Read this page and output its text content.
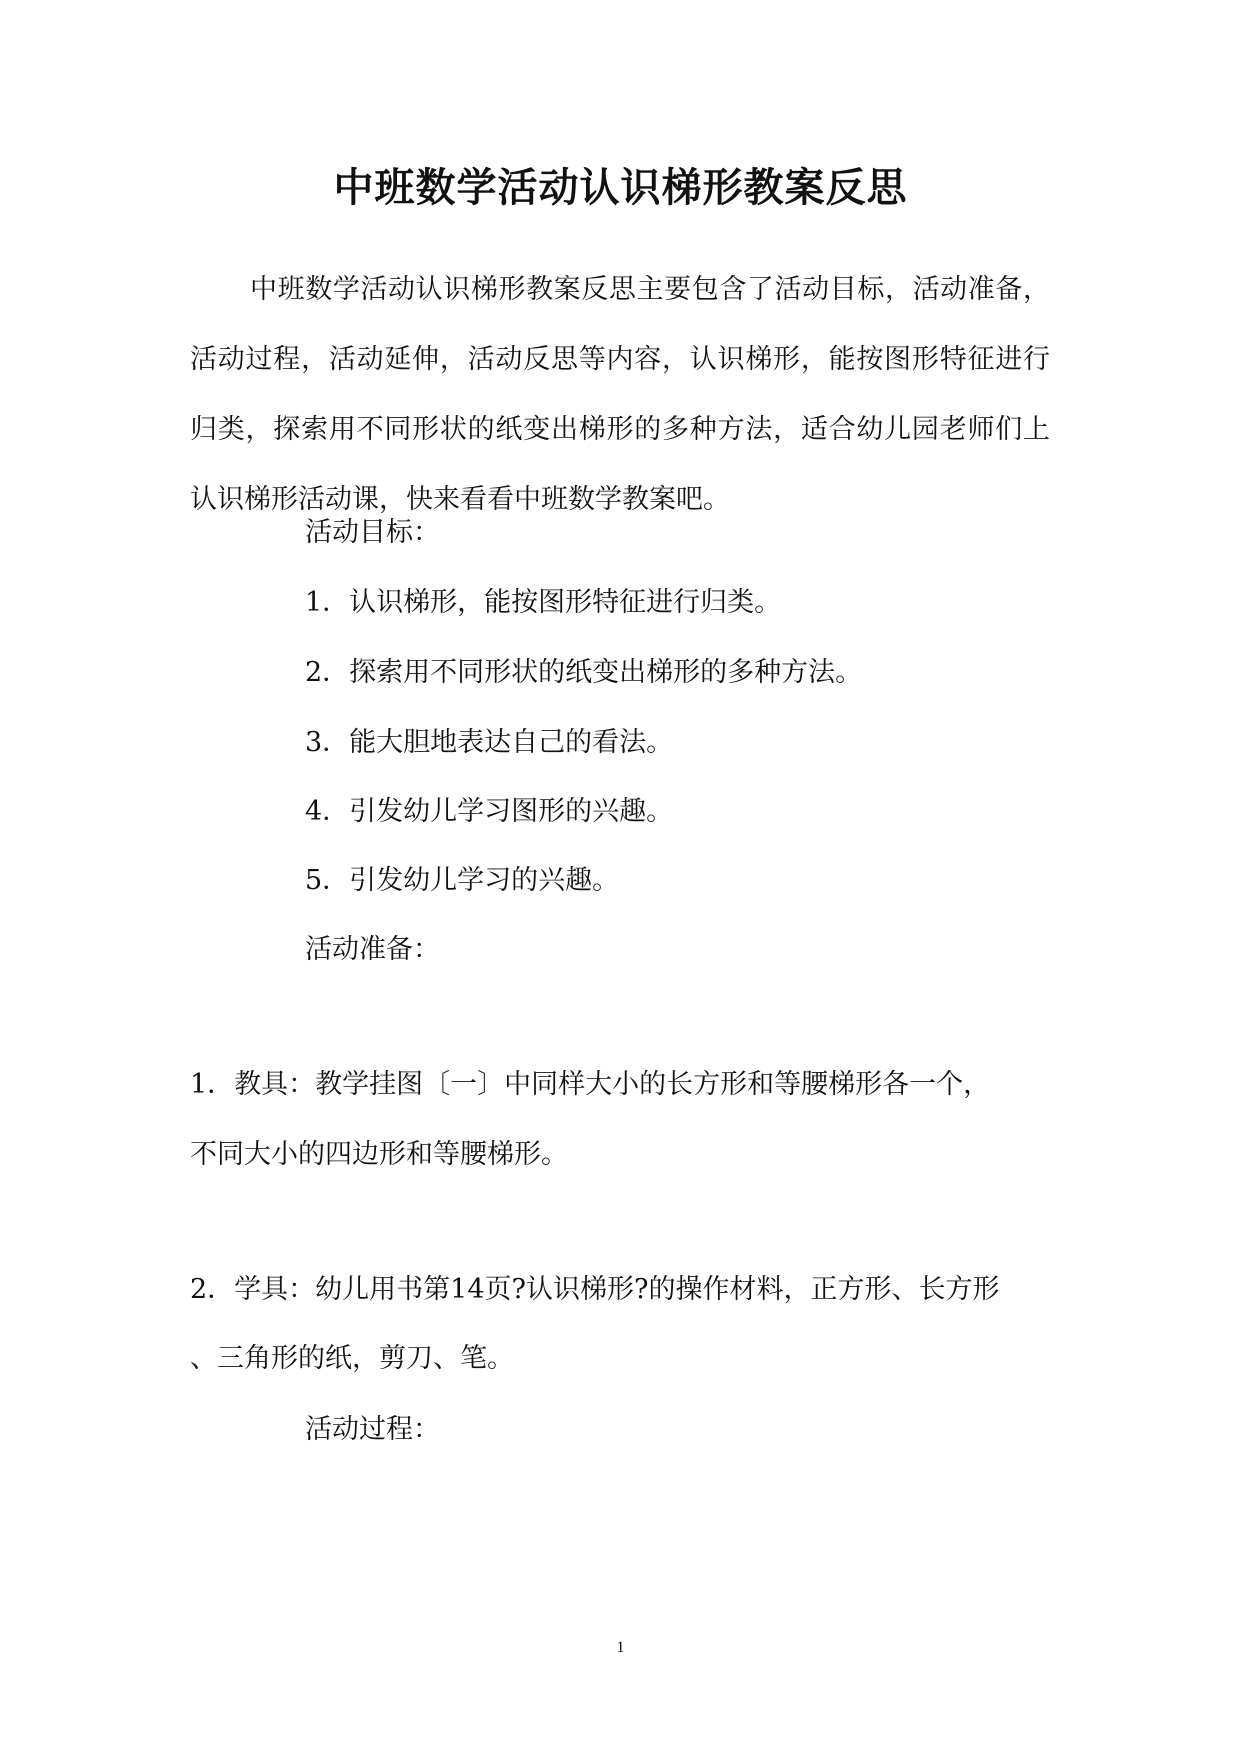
中班数学活动认识梯形教案反思

中班数学活动认识梯形教案反思主要包含了活动目标，活动准备，活动过程，活动延伸，活动反思等内容，认识梯形，能按图形特征进行归类，探索用不同形状的纸变出梯形的多种方法，适合幼儿园老师们上认识梯形活动课，快来看看中班数学教案吧。

活动目标：

1．认识梯形，能按图形特征进行归类。

2．探索用不同形状的纸变出梯形的多种方法。

3．能大胆地表达自己的看法。

4．引发幼儿学习图形的兴趣。

5．引发幼儿学习的兴趣。

活动准备：

1．教具：教学挂图〔一〕中同样大小的长方形和等腰梯形各一个，

不同大小的四边形和等腰梯形。

2．学具：幼儿用书第14页?认识梯形?的操作材料，正方形、长方形

、三角形的纸，剪刀、笔。

活动过程：

1
